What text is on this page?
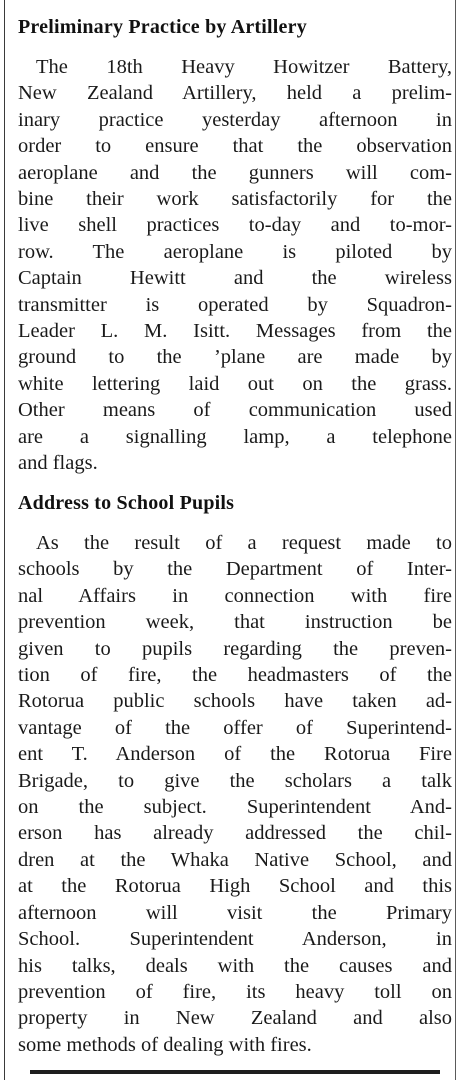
Preliminary Practice by Artillery

The 18th Heavy Howitzer Battery,
New Zealand Artillery, held a prelim-
inary practice yesterday afternoon in
order to ensure that the observation
aeroplane and the gunners will com-
bine their work satisfactorily for the
live shell practices to-day and to-mor-
row. The aeroplane is piloted by
Captain Hewitt and the wireless
transmitter is operated by Squadron-
Leader L. M. Isitt. Messages from the
ground to the ’plane are made by
white lettering laid out on the grass.
Other means of communication used
are a signalling lamp, a telephone
and flags.

Address to School Pupils

As the result of a request made to
schools by the Department of Inter-
nal Affairs in connection with fire
prevention week, that instruction be
given to pupils regarding the preven-
tion of fire, the headmasters of the
Rotorua public schools have taken ad-
vantage of the offer of Superintend-
ent T. Anderson of the Rotorua Fire
Brigade, to give the scholars a talk
on the subject. Superintendent And-
erson has already addressed the chil-
dren at the Whaka Native School, and
at the Rotorua High School and this
afternoon will visit the Primary
School. Superintendent Anderson, in
his talks, deals with the causes and
prevention of fire, its heavy toll on
property in New Zealand and also
some methods of dealing with fires.
